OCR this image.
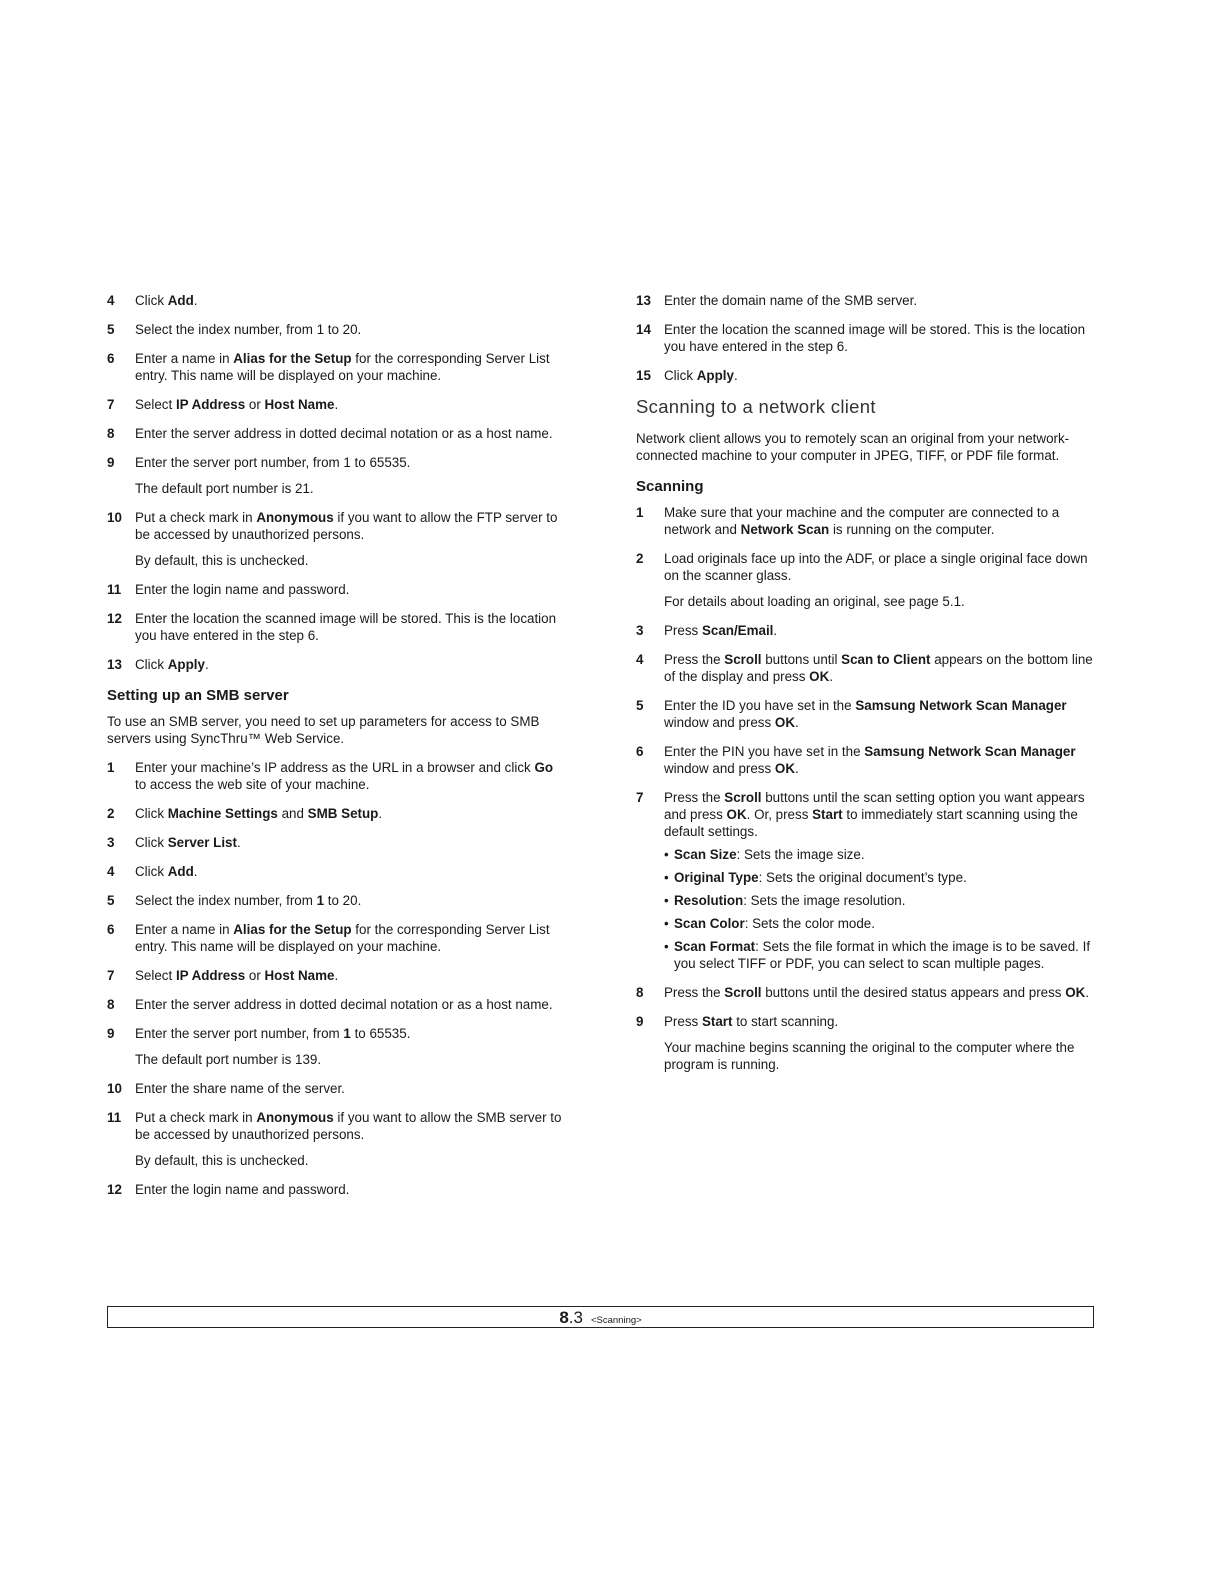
4 Click Add.

5 Select the index number, from 1 to 20.

6 Enter a name in Alias for the Setup for the corresponding Server List entry. This name will be displayed on your machine.

7 Select IP Address or Host Name.

8 Enter the server address in dotted decimal notation or as a host name.

9 Enter the server port number, from 1 to 65535.

The default port number is 21.

10 Put a check mark in Anonymous if you want to allow the FTP server to be accessed by unauthorized persons.

By default, this is unchecked.

11 Enter the login name and password.

12 Enter the location the scanned image will be stored. This is the location you have entered in the step 6.

13 Click Apply.

Setting up an SMB server

To use an SMB server, you need to set up parameters for access to SMB servers using SyncThru™ Web Service.

1 Enter your machine’s IP address as the URL in a browser and click Go to access the web site of your machine.

2 Click Machine Settings and SMB Setup.

3 Click Server List.

4 Click Add.

5 Select the index number, from 1 to 20.

6 Enter a name in Alias for the Setup for the corresponding Server List entry. This name will be displayed on your machine.

7 Select IP Address or Host Name.

8 Enter the server address in dotted decimal notation or as a host name.

9 Enter the server port number, from 1 to 65535.

The default port number is 139.

10 Enter the share name of the server.

11 Put a check mark in Anonymous if you want to allow the SMB server to be accessed by unauthorized persons.

By default, this is unchecked.

12 Enter the login name and password.

13 Enter the domain name of the SMB server.

14 Enter the location the scanned image will be stored. This is the location you have entered in the step 6.

15 Click Apply.

Scanning to a network client

Network client allows you to remotely scan an original from your network-connected machine to your computer in JPEG, TIFF, or PDF file format.

Scanning
1 Make sure that your machine and the computer are connected to a network and Network Scan is running on the computer.

2 Load originals face up into the ADF, or place a single original face down on the scanner glass.

For details about loading an original, see page 5.1.

3 Press Scan/Email.

4 Press the Scroll buttons until Scan to Client appears on the bottom line of the display and press OK.

5 Enter the ID you have set in the Samsung Network Scan Manager window and press OK.

6 Enter the PIN you have set in the Samsung Network Scan Manager window and press OK.

7 Press the Scroll buttons until the scan setting option you want appears and press OK. Or, press Start to immediately start scanning using the default settings.

• Scan Size: Sets the image size.
• Original Type: Sets the original document’s type.
• Resolution: Sets the image resolution.
• Scan Color: Sets the color mode.
• Scan Format: Sets the file format in which the image is to be saved. If you select TIFF or PDF, you can select to scan multiple pages.
8 Press the Scroll buttons until the desired status appears and press OK.

9 Press Start to start scanning.

Your machine begins scanning the original to the computer where the program is running.

8.3 <Scanning>
